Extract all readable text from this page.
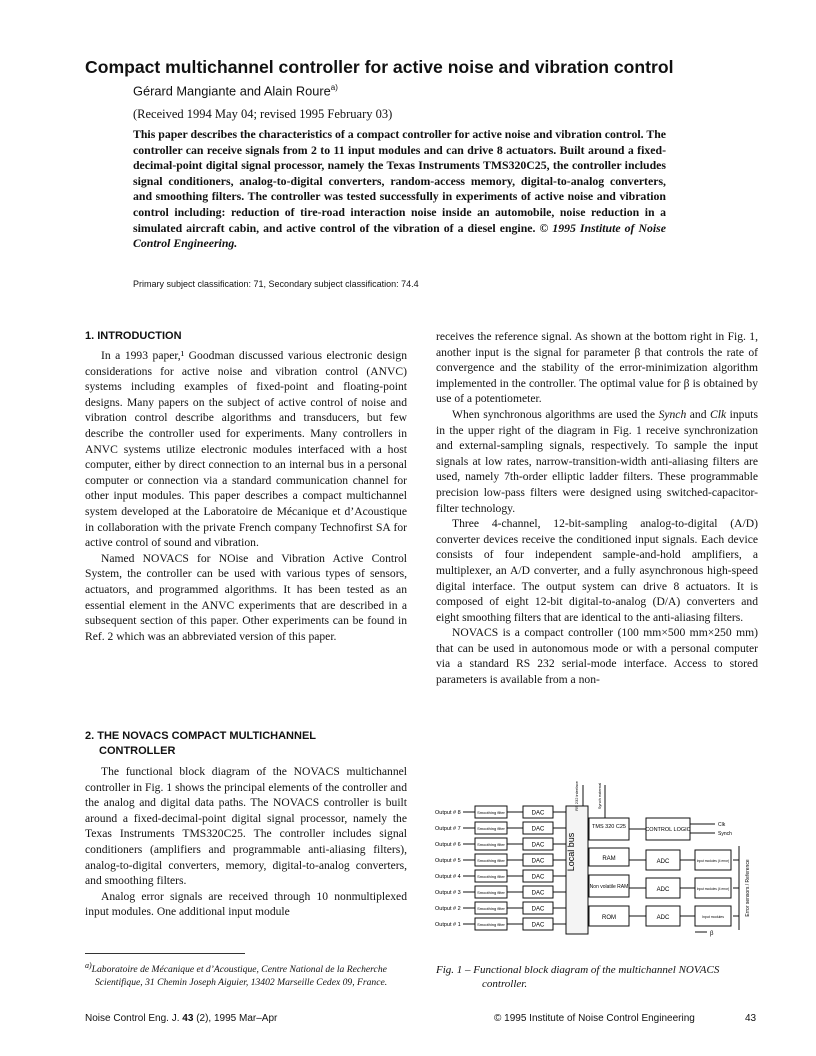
Compact multichannel controller for active noise and vibration control
Gérard Mangiante and Alain Roure$^{a)}$
(Received 1994 May 04; revised 1995 February 03)

This paper describes the characteristics of a compact controller for active noise and vibration control. The controller can receive signals from 2 to 11 input modules and can drive 8 actuators. Built around a fixed-decimal-point digital signal processor, namely the Texas Instruments TMS320C25, the controller includes signal conditioners, analog-to-digital converters, random-access memory, digital-to-analog converters, and smoothing filters. The controller was tested successfully in experiments of active noise and vibration control including: reduction of tire-road interaction noise inside an automobile, noise reduction in a simulated aircraft cabin, and active control of the vibration of a diesel engine. © 1995 Institute of Noise Control Engineering.

Primary subject classification: 71, Secondary subject classification: 74.4
1. INTRODUCTION

In a 1993 paper,¹ Goodman discussed various electronic design considerations for active noise and vibration control (ANVC) systems including examples of fixed-point and floating-point designs. Many papers on the subject of active control of noise and vibration control describe algorithms and transducers, but few describe the controller used for experiments. Many controllers in ANVC systems utilize electronic modules interfaced with a host computer, either by direct connection to an internal bus in a personal computer or connection via a standard communication channel for other input modules. This paper describes a compact multichannel system developed at the Laboratoire de Mécanique et d’Acoustique in collaboration with the private French company Technofirst SA for active control of sound and vibration.

Named NOVACS for NOise and Vibration Active Control System, the controller can be used with various types of sensors, actuators, and programmed algorithms. It has been tested as an essential element in the ANVC experiments that are described in a subsequent section of this paper. Other experiments can be found in Ref. 2 which was an abbreviated version of this paper.

2. THE NOVACS COMPACT MULTICHANNEL
CONTROLLER

The functional block diagram of the NOVACS multichannel controller in Fig. 1 shows the principal elements of the controller and the analog and digital data paths. The NOVACS controller is built around a fixed-decimal-point digital signal processor, namely the Texas Instruments TMS320C25. The controller includes signal conditioners (amplifiers and programmable anti-aliasing filters), analog-to-digital converters, memory, digital-to-analog converters, and smoothing filters.

Analog error signals are received through 10 nonmultiplexed input modules. One additional input module

$^{a)}$Laboratoire de Mécanique et d’Acoustique, Centre National de la Recherche Scientifique, 31 Chemin Joseph Aiguier, 13402 Marseille Cedex 09, France.

receives the reference signal. As shown at the bottom right in Fig. 1, another input is the signal for parameter β that controls the rate of convergence and the stability of the error-minimization algorithm implemented in the controller. The optimal value for β is obtained by use of a potentiometer.

When synchronous algorithms are used the Synch and Clk inputs in the upper right of the diagram in Fig. 1 receive synchronization and external-sampling signals, respectively. To sample the input signals at low rates, narrow-transition-width anti-aliasing filters are used, namely 7th-order elliptic ladder filters. These programmable precision low-pass filters were designed using switched-capacitor-filter technology.

Three 4-channel, 12-bit-sampling analog-to-digital (A/D) converter devices receive the conditioned input signals. Each device consists of four independent sample-and-hold amplifiers, a multiplexer, an A/D converter, and a fully asynchronous high-speed digital interface. The output system can drive 8 actuators. It is composed of eight 12-bit digital-to-analog (D/A) converters and eight smoothing filters that are identical to the anti-aliasing filters.

NOVACS is a compact controller (100 mm×500 mm×250 mm) that can be used in autonomous mode or with a personal computer via a standard RS 232 serial-mode interface. Access to stored parameters is available from a non-

Output # 8
Output # 7
Output # 6
Output # 5
Output # 4
Output # 3
Output # 2
Output # 1
Smoothing filter	DAC
Smoothing filter	DAC
Smoothing filter	DAC
Smoothing filter	DAC
Smoothing filter	DAC
Smoothing filter	DAC
Smoothing filter	DAC
Smoothing filter	DAC
Local bus
RS 232 interface	Synch external
TMS 320 C25	CONTROL LOGIC
Clk
Synch
RAM
Non volatile RAM
ROM
ADC
ADC
ADC
Input modules (4 error)
Input modules (4 error)
Input modules
Error sensors / Reference
β
Fig. 1 – Functional block diagram of the multichannel NOVACS
controller.
Noise Control Eng. J. 43 (2), 1995 Mar–Apr	© 1995 Institute of Noise Control Engineering	43
